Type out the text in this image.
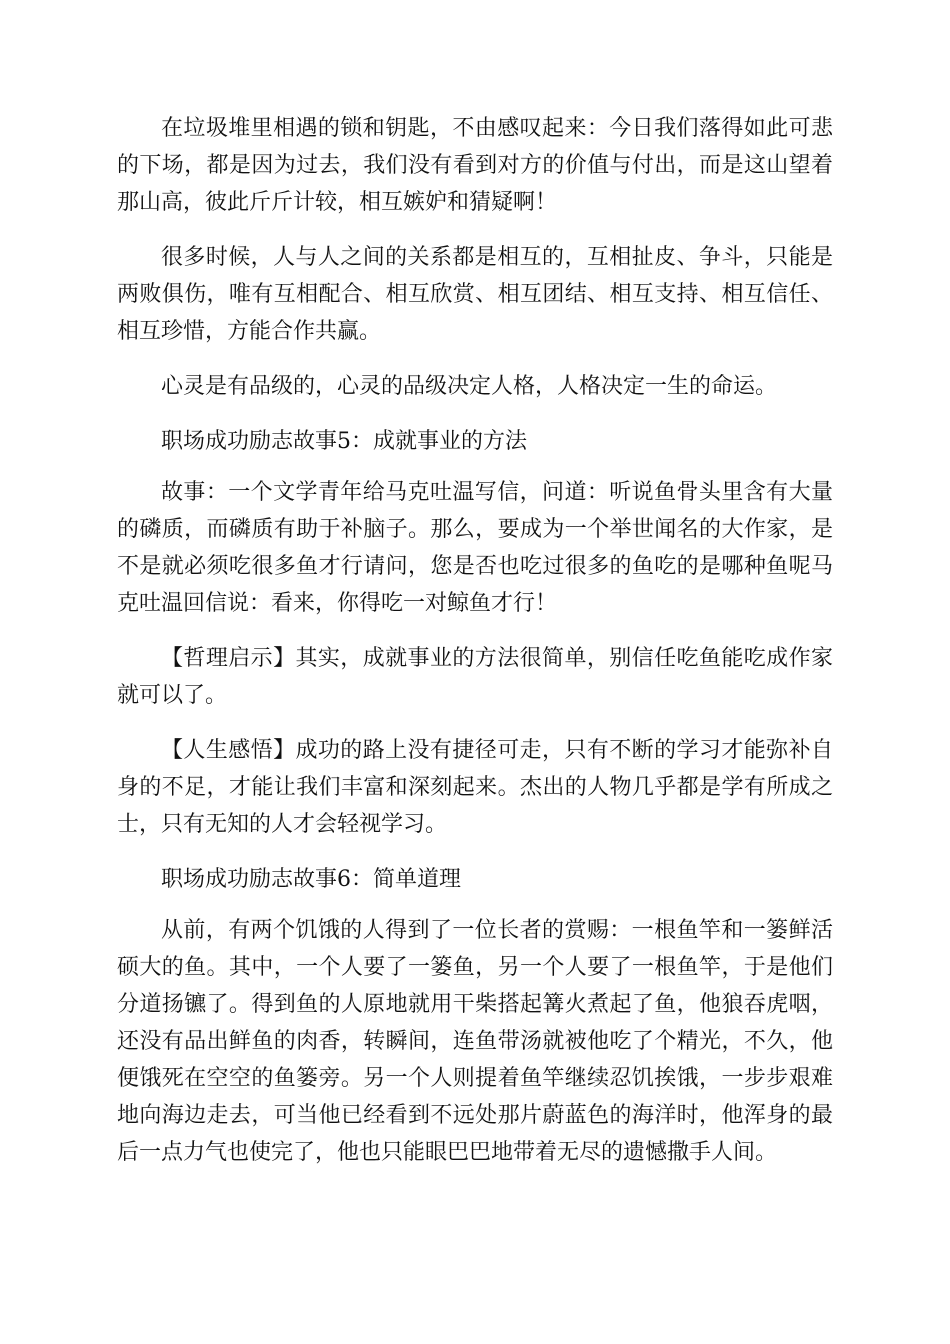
在垃圾堆里相遇的锁和钥匙，不由感叹起来：今日我们落得如此可悲的下场，都是因为过去，我们没有看到对方的价值与付出，而是这山望着那山高，彼此斤斤计较，相互嫉妒和猜疑啊！

很多时候，人与人之间的关系都是相互的，互相扯皮、争斗，只能是两败俱伤，唯有互相配合、相互欣赏、相互团结、相互支持、相互信任、相互珍惜，方能合作共赢。

心灵是有品级的，心灵的品级决定人格，人格决定一生的命运。

职场成功励志故事5：成就事业的方法

故事：一个文学青年给马克吐温写信，问道：听说鱼骨头里含有大量的磷质，而磷质有助于补脑子。那么，要成为一个举世闻名的大作家，是不是就必须吃很多鱼才行请问，您是否也吃过很多的鱼吃的是哪种鱼呢马克吐温回信说：看来，你得吃一对鲸鱼才行！

【哲理启示】其实，成就事业的方法很简单，别信任吃鱼能吃成作家就可以了。

【人生感悟】成功的路上没有捷径可走，只有不断的学习才能弥补自身的不足，才能让我们丰富和深刻起来。杰出的人物几乎都是学有所成之士，只有无知的人才会轻视学习。

职场成功励志故事6：简单道理

从前，有两个饥饿的人得到了一位长者的赏赐：一根鱼竿和一篓鲜活硕大的鱼。其中，一个人要了一篓鱼，另一个人要了一根鱼竿，于是他们分道扬镳了。得到鱼的人原地就用干柴搭起篝火煮起了鱼，他狼吞虎咽，还没有品出鲜鱼的肉香，转瞬间，连鱼带汤就被他吃了个精光，不久，他便饿死在空空的鱼篓旁。另一个人则提着鱼竿继续忍饥挨饿，一步步艰难地向海边走去，可当他已经看到不远处那片蔚蓝色的海洋时，他浑身的最后一点力气也使完了，他也只能眼巴巴地带着无尽的遗憾撒手人间。
